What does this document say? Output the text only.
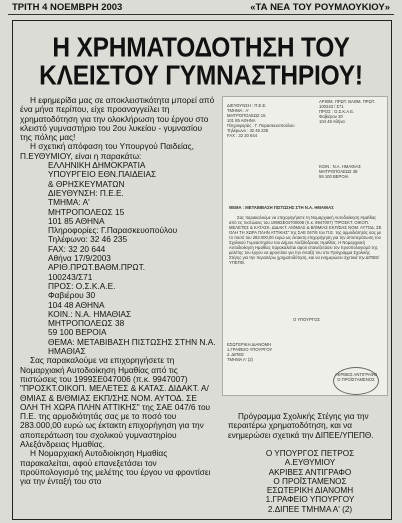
ΤΡΙΤΗ 4 ΝΟΕΜΒΡΗ 2003	«ΤΑ ΝΕΑ ΤΟΥ ΡΟΥΜΛΟΥΚΙΟΥ»
Η ΧΡΗΜΑΤΟΔΟΤΗΣΗ ΤΟΥ
ΚΛΕΙΣΤΟΥ ΓΥΜΝΑΣΤΗΡΙΟΥ!

Η εφημερίδα μας σε αποκλειστικότητα μπορεί από ένα μήνα περίπου, είχε προαναγγείλει τη χρηματοδότηση για την ολοκλήρωση του έργου στο κλειστό γυμναστήριο του 2ου λυκείου - γυμνασίου της πόλης μας!

Η σχετική απόφαση του Υπουργού Παιδείας, Π.ΕΥΘΥΜΙΟΥ, είναι η παρακάτω:

ΕΛΛΗΝΙΚΗ ΔΗΜΟΚΡΑΤΙΑ

ΥΠΟΥΡΓΕΙΟ ΕΘΝ.ΠΑΙΔΕΙΑΣ

& ΘΡΗΣΚΕΥΜΑΤΩΝ

ΔΙΕΥΘΥΝΣΗ: Π.Ε.Ε.

ΤΜΗΜΑ: Α'

ΜΗΤΡΟΠΟΛΕΩΣ 15

101 85 ΑΘΗΝΑ

Πληροφορίες: Γ.Παρασκευοπούλου

Τηλέφωνο: 32 46 235

FAX: 32 20 644

Αθήνα 17/9/2003

ΑΡΙΘ.ΠΡΩΤ.ΒΑΘΜ.ΠΡΩΤ.

100243/Σ71

ΠΡΟΣ: Ο.Σ.Κ.Α.Ε.

Φαβιέρου 30

104 48 ΑΘΗΝΑ

ΚΟΙΝ.: Ν.Α. ΗΜΑΘΙΑΣ

ΜΗΤΡΟΠΟΛΕΩΣ 38

59 100 ΒΕΡΟΙΑ

ΘΕΜΑ: ΜΕΤΑΒΙΒΑΣΗ ΠΙΣΤΩΣΗΣ ΣΤΗΝ Ν.Α. ΗΜΑΘΙΑΣ

Σας παρακαλούμε να επιχορηγήσετε τη Νομαρχιακή Αυτοδιοίκηση Ημαθίας από τις πιστώσεις του 1999ΣΕ047006 (π.κ. 9947007) "ΠΡΟΣΚΤ.ΟΙΚΟΠ. ΜΕΛΕΤΕΣ & ΚΑΤΑΣ. ΔΙΔΑΚΤ. Α/ΘΜΙΑΣ & Β/ΘΜΙΑΣ ΕΚΠ/ΣΗΣ ΝΟΜ. ΑΥΤΟΔ. ΣΕ ΟΛΗ ΤΗ ΧΩΡΑ ΠΛΗΝ ΑΤΤΙΚΗΣ" της ΣΑΕ 047/6 του Π.Ε. της αρμοδιότητάς σας με το ποσό του 283.000,00 ευρώ ως έκτακτη επιχορήγηση για την αποπεράτωση του σχολικού γυμναστηρίου Αλεξάνδρειας Ημαθίας.

Η Νομαρχιακή Αυτοδιοίκηση Ημαθίας παρακαλείται, αφού επανεξετάσει τον προϋπολογισμό της μελέτης του έργου να φροντίσει για την ένταξή του στο

ΔΙΕΥΘΥΝΣΗ : Π.Ε.Ε.
ΤΜΗΜΑ : Α'
ΜΗΤΡΟΠΟΛΕΩΣ 15
101 85 ΑΘΗΝΑ
Πληροφορίες : Γ. Παρασκευοπούλου
Τηλέφωνο : 32 46 235
FAX : 32 20 644
ΑΡΙΘΜ. ΠΡΩΤ. ΒΑΘΜ. ΠΡΩΤ.
100243 / Σ71
ΠΡΟΣ : Ο.Σ.Κ.Α.Ε.
Φαβιέρου 30
104 48 Αθήνα
ΚΟΙΝ : Ν.Α. ΗΜΑΘΙΑΣ
ΜΗΤΡΟΠΟΛΕΩΣ 38
59 100 ΒΕΡΟΙΑ
ΘΕΜΑ : ΜΕΤΑΒΙΒΑΣΗ ΠΙΣΤΩΣΗΣ ΣΤΗ Ν.Α. ΗΜΑΘΙΑΣ
Σας παρακαλούμε να επιχορηγήσετε τη Νομαρχιακή Αυτοδιοίκηση Ημαθίας από τις πιστώσεις του 1999ΣΕ04700006 (π.κ. 9947007) "ΠΡΟΣΚΤ. ΟΙΚΟΠ. ΜΕΛΕΤΕΣ & ΚΑΤΑΣΚ. ΔΙΔΑΚΤ. Α/ΘΜΙΑΣ & Β/ΘΜΙΑΣ ΕΚΠ/ΣΗΣ ΝΟΜ. ΑΥΤΟΔ. ΣΕ ΟΛΗ ΤΗ ΧΩΡΑ ΠΛΗΝ ΑΤΤΙΚΗΣ" της ΣΑΕ 047/6 του Π.Ε. της αρμοδιότητάς σας με το ποσό του 283.000,00 ευρώ ως έκτακτη επιχορήγηση για την αποπεράτωση του Σχολικού Γυμναστηρίου του Δήμου Αλεξάνδρειας Ημαθίας. Η Νομαρχιακή Αυτοδιοίκηση Ημαθίας παρακαλείται αφού επανεξετάσει τον προϋπολογισμό της μελέτης του έργου να φροντίσει για την ένταξή του στο Πρόγραμμα Σχολικής Στέγης για την περαιτέρω χρηματοδότηση, και να ενημερώσει σχετικά την ΔΙΠΕΕ/ΥΠΕΠΘ.
Ο ΥΠΟΥΡΓΟΣ
ΕΣΩΤΕΡΙΚΗ ΔΙΑΝΟΜΗ
1.ΓΡΑΦΕΙΟ ΥΠΟΥΡΓΟΥ
2. ΔΙΠΕΕ
ΤΜΗΜΑ Α' (2)
ΑΚΡΙΒΕΣ ΑΝΤΙΓΡΑΦΟ
Ο ΠΡΟΪΣΤΑΜΕΝΟΣ

Πρόγραμμα Σχολικής Στέγης για την περαιτέρω χρηματοδότηση, και να ενημερώσει σχετικά την ΔΙΠΕΕ/ΥΠΕΠΘ.

Ο ΥΠΟΥΡΓΟΣ ΠΕΤΡΟΣ Α.ΕΥΘΥΜΙΟΥ
ΑΚΡΙΒΕΣ ΑΝΤΙΓΡΑΦΟ
Ο ΠΡΟΪΣΤΑΜΕΝΟΣ
ΕΣΩΤΕΡΙΚΗ ΔΙΑΝΟΜΗ
1.ΓΡΑΦΕΙΟ ΥΠΟΥΡΓΟΥ
2.ΔΙΠΕΕ ΤΜΗΜΑ Α' (2)
